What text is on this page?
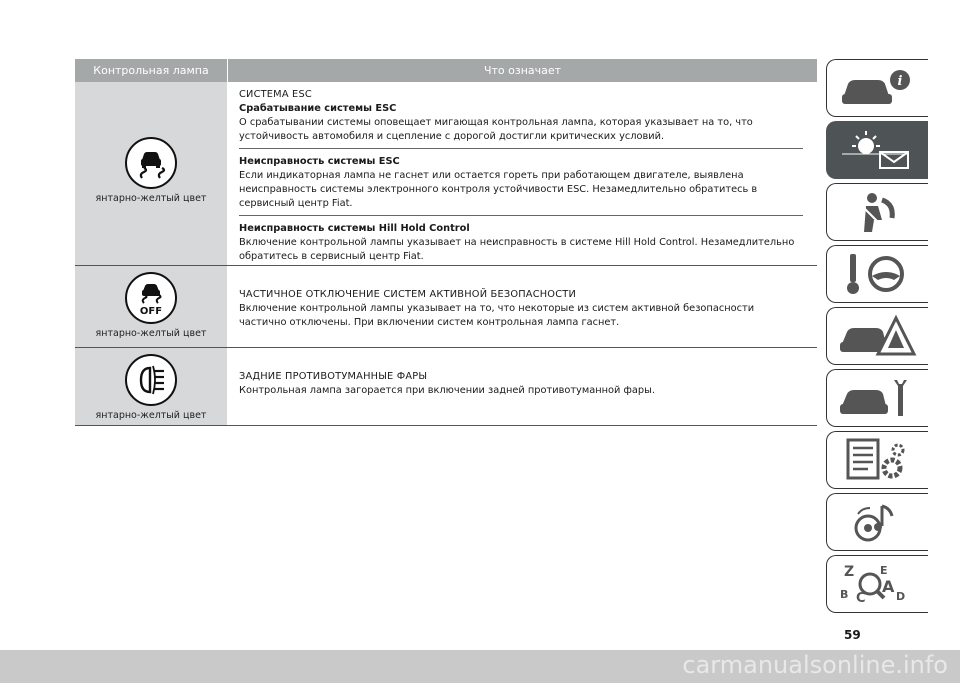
Контрольная лампа	Что означает
янтарно-желтый цвет
СИСТЕМА ESC
Срабатывание системы ESC
О срабатывании системы оповещает мигающая контрольная лампа, которая указывает на то, что устойчивость автомобиля и сцепление с дорогой достигли критических условий.
Неисправность системы ESC
Если индикаторная лампа не гаснет или остается гореть при работающем двигателе, выявлена неисправность системы электронного контроля устойчивости ESC. Незамедлительно обратитесь в сервисный центр Fiat.
Неисправность системы Hill Hold Control
Включение контрольной лампы указывает на неисправность в системе Hill Hold Control. Незамедлительно обратитесь в сервисный центр Fiat.
OFF
янтарно-желтый цвет
ЧАСТИЧНОЕ ОТКЛЮЧЕНИЕ СИСТЕМ АКТИВНОЙ БЕЗОПАСНОСТИ
Включение контрольной лампы указывает на то, что некоторые из систем активной безопасности частично отключены. При включении систем контрольная лампа гаснет.
янтарно-желтый цвет
ЗАДНИЕ ПРОТИВОТУМАННЫЕ ФАРЫ
Контрольная лампа загорается при включении задней противотуманной фары.
i
Z E
A
B C	D
59
carmanualsonline.info
